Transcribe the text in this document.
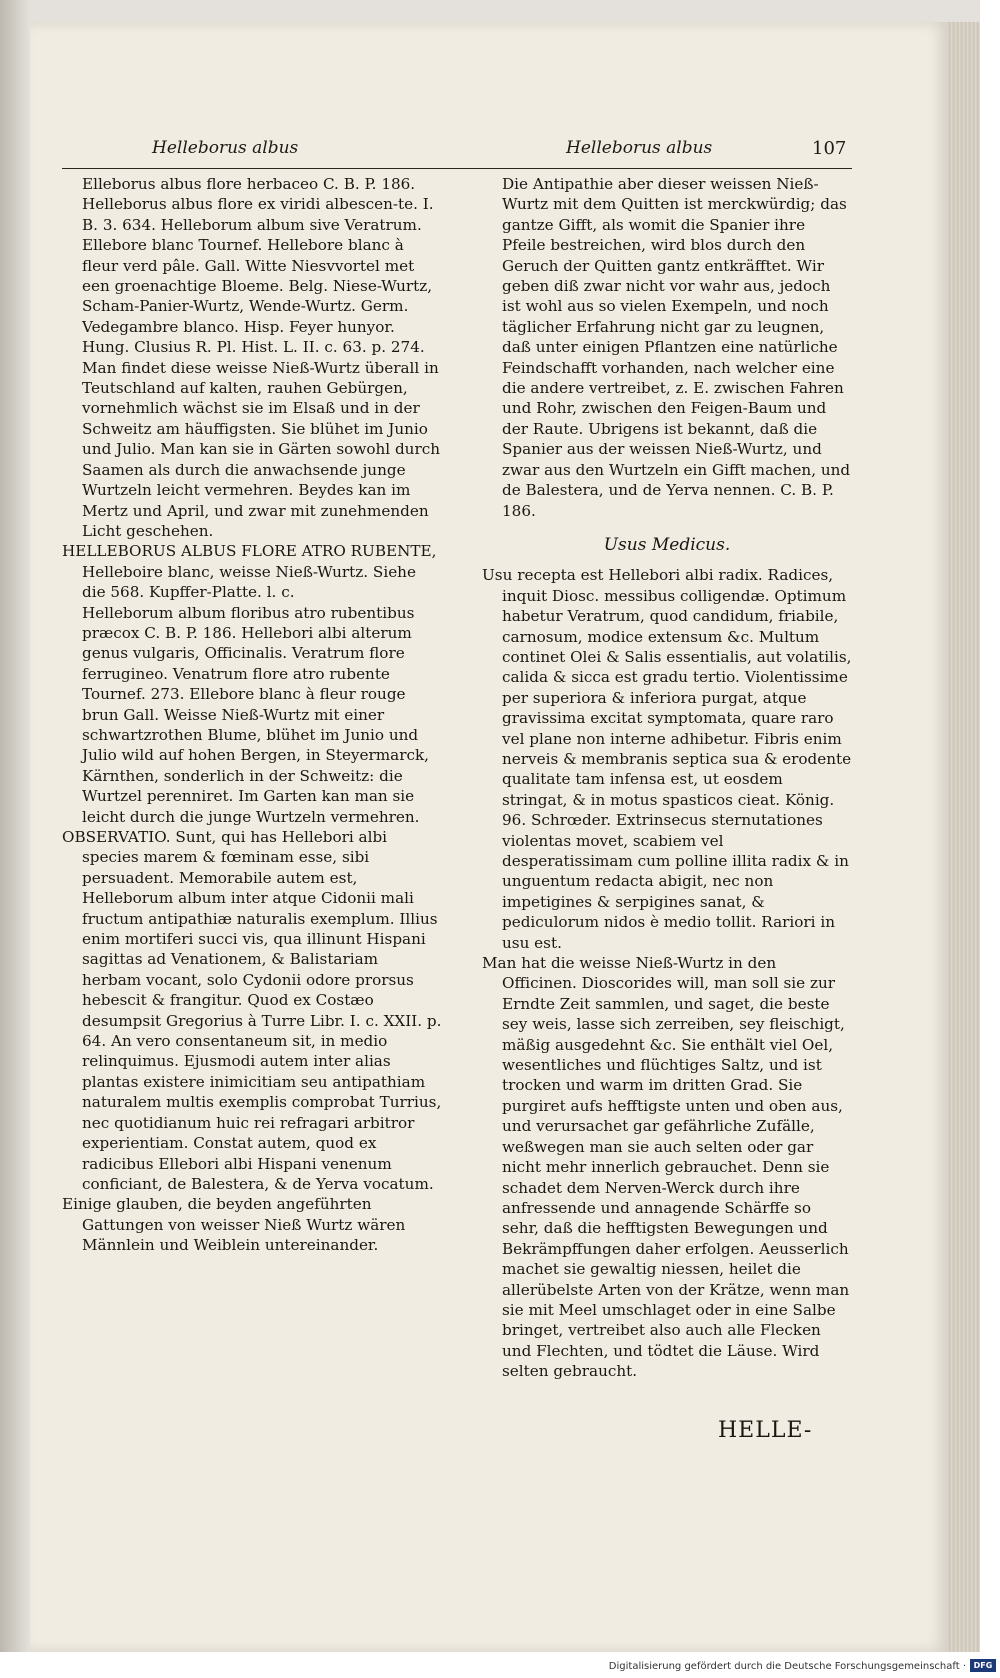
Helleborus albus	Helleborus albus	107

Elleborus albus flore herbaceo C. B. P. 186. Helleborus albus flore ex viridi albescen-te. I. B. 3. 634. Helleborum album sive Veratrum. Ellebore blanc Tournef. Hellebore blanc à fleur verd pâle. Gall. Witte Niesvvortel met een groenachtige Bloeme. Belg. Niese-Wurtz, Scham-Panier-Wurtz, Wende-Wurtz. Germ. Vedegambre blanco. Hisp. Feyer hunyor. Hung. Clusius R. Pl. Hist. L. II. c. 63. p. 274. Man findet diese weisse Nieß-Wurtz überall in Teutschland auf kalten, rauhen Gebürgen, vornehmlich wächst sie im Elsaß und in der Schweitz am häuffigsten. Sie blühet im Junio und Julio. Man kan sie in Gärten sowohl durch Saamen als durch die anwachsende junge Wurtzeln leicht vermehren. Beydes kan im Mertz und April, und zwar mit zunehmenden Licht geschehen.

HELLEBORUS ALBUS FLORE ATRO RUBENTE, Helleboire blanc, weisse Nieß-Wurtz. Siehe die 568. Kupffer-Platte. l. c.

Helleborum album floribus atro rubentibus præcox C. B. P. 186. Hellebori albi alterum genus vulgaris, Officinalis. Veratrum flore ferrugineo. Venatrum flore atro rubente Tournef. 273. Ellebore blanc à fleur rouge brun Gall. Weisse Nieß-Wurtz mit einer schwartzrothen Blume, blühet im Junio und Julio wild auf hohen Bergen, in Steyermarck, Kärnthen, sonderlich in der Schweitz: die Wurtzel perenniret. Im Garten kan man sie leicht durch die junge Wurtzeln vermehren.

OBSERVATIO. Sunt, qui has Hellebori albi species marem & fœminam esse, sibi persuadent. Memorabile autem est, Helleborum album inter atque Cidonii mali fructum antipathiæ naturalis exemplum. Illius enim mortiferi succi vis, qua illinunt Hispani sagittas ad Venationem, & Balistariam herbam vocant, solo Cydonii odore prorsus hebescit & frangitur. Quod ex Costæo desumpsit Gregorius à Turre Libr. I. c. XXII. p. 64. An vero consentaneum sit, in medio relinquimus. Ejusmodi autem inter alias plantas existere inimicitiam seu antipathiam naturalem multis exemplis comprobat Turrius, nec quotidianum huic rei refragari arbitror experientiam. Constat autem, quod ex radicibus Ellebori albi Hispani venenum conficiant, de Balestera, & de Yerva vocatum.

Einige glauben, die beyden angeführten Gattungen von weisser Nieß Wurtz wären Männlein und Weiblein untereinander.

Die Antipathie aber dieser weissen Nieß-Wurtz mit dem Quitten ist merckwürdig; das gantze Gifft, als womit die Spanier ihre Pfeile bestreichen, wird blos durch den Geruch der Quitten gantz entkräfftet. Wir geben diß zwar nicht vor wahr aus, jedoch ist wohl aus so vielen Exempeln, und noch täglicher Erfahrung nicht gar zu leugnen, daß unter einigen Pflantzen eine natürliche Feindschafft vorhanden, nach welcher eine die andere vertreibet, z. E. zwischen Fahren und Rohr, zwischen den Feigen-Baum und der Raute. Ubrigens ist bekannt, daß die Spanier aus der weissen Nieß-Wurtz, und zwar aus den Wurtzeln ein Gifft machen, und de Balestera, und de Yerva nennen. C. B. P. 186.

Usus Medicus.

Usu recepta est Hellebori albi radix. Radices, inquit Diosc. messibus colligendæ. Optimum habetur Veratrum, quod candidum, friabile, carnosum, modice extensum &c. Multum continet Olei & Salis essentialis, aut volatilis, calida & sicca est gradu tertio. Violentissime per superiora & inferiora purgat, atque gravissima excitat symptomata, quare raro vel plane non interne adhibetur. Fibris enim nerveis & membranis septica sua & erodente qualitate tam infensa est, ut eosdem stringat, & in motus spasticos cieat. König. 96. Schrœder. Extrinsecus sternutationes violentas movet, scabiem vel desperatissimam cum polline illita radix & in unguentum redacta abigit, nec non impetigines & serpigines sanat, & pediculorum nidos è medio tollit. Rariori in usu est.

Man hat die weisse Nieß-Wurtz in den Officinen. Dioscorides will, man soll sie zur Erndte Zeit sammlen, und saget, die beste sey weis, lasse sich zerreiben, sey fleischigt, mäßig ausgedehnt &c. Sie enthält viel Oel, wesentliches und flüchtiges Saltz, und ist trocken und warm im dritten Grad. Sie purgiret aufs hefftigste unten und oben aus, und verursachet gar gefährliche Zufälle, weßwegen man sie auch selten oder gar nicht mehr innerlich gebrauchet. Denn sie schadet dem Nerven-Werck durch ihre anfressende und annagende Schärffe so sehr, daß die hefftigsten Bewegungen und Bekrämpffungen daher erfolgen. Aeusserlich machet sie gewaltig niessen, heilet die allerübelste Arten von der Krätze, wenn man sie mit Meel umschlaget oder in eine Salbe bringet, vertreibet also auch alle Flecken und Flechten, und tödtet die Läuse. Wird selten gebraucht.

HELLE-
Digitalisierung gefördert durch die Deutsche Forschungsgemeinschaft · DFG
